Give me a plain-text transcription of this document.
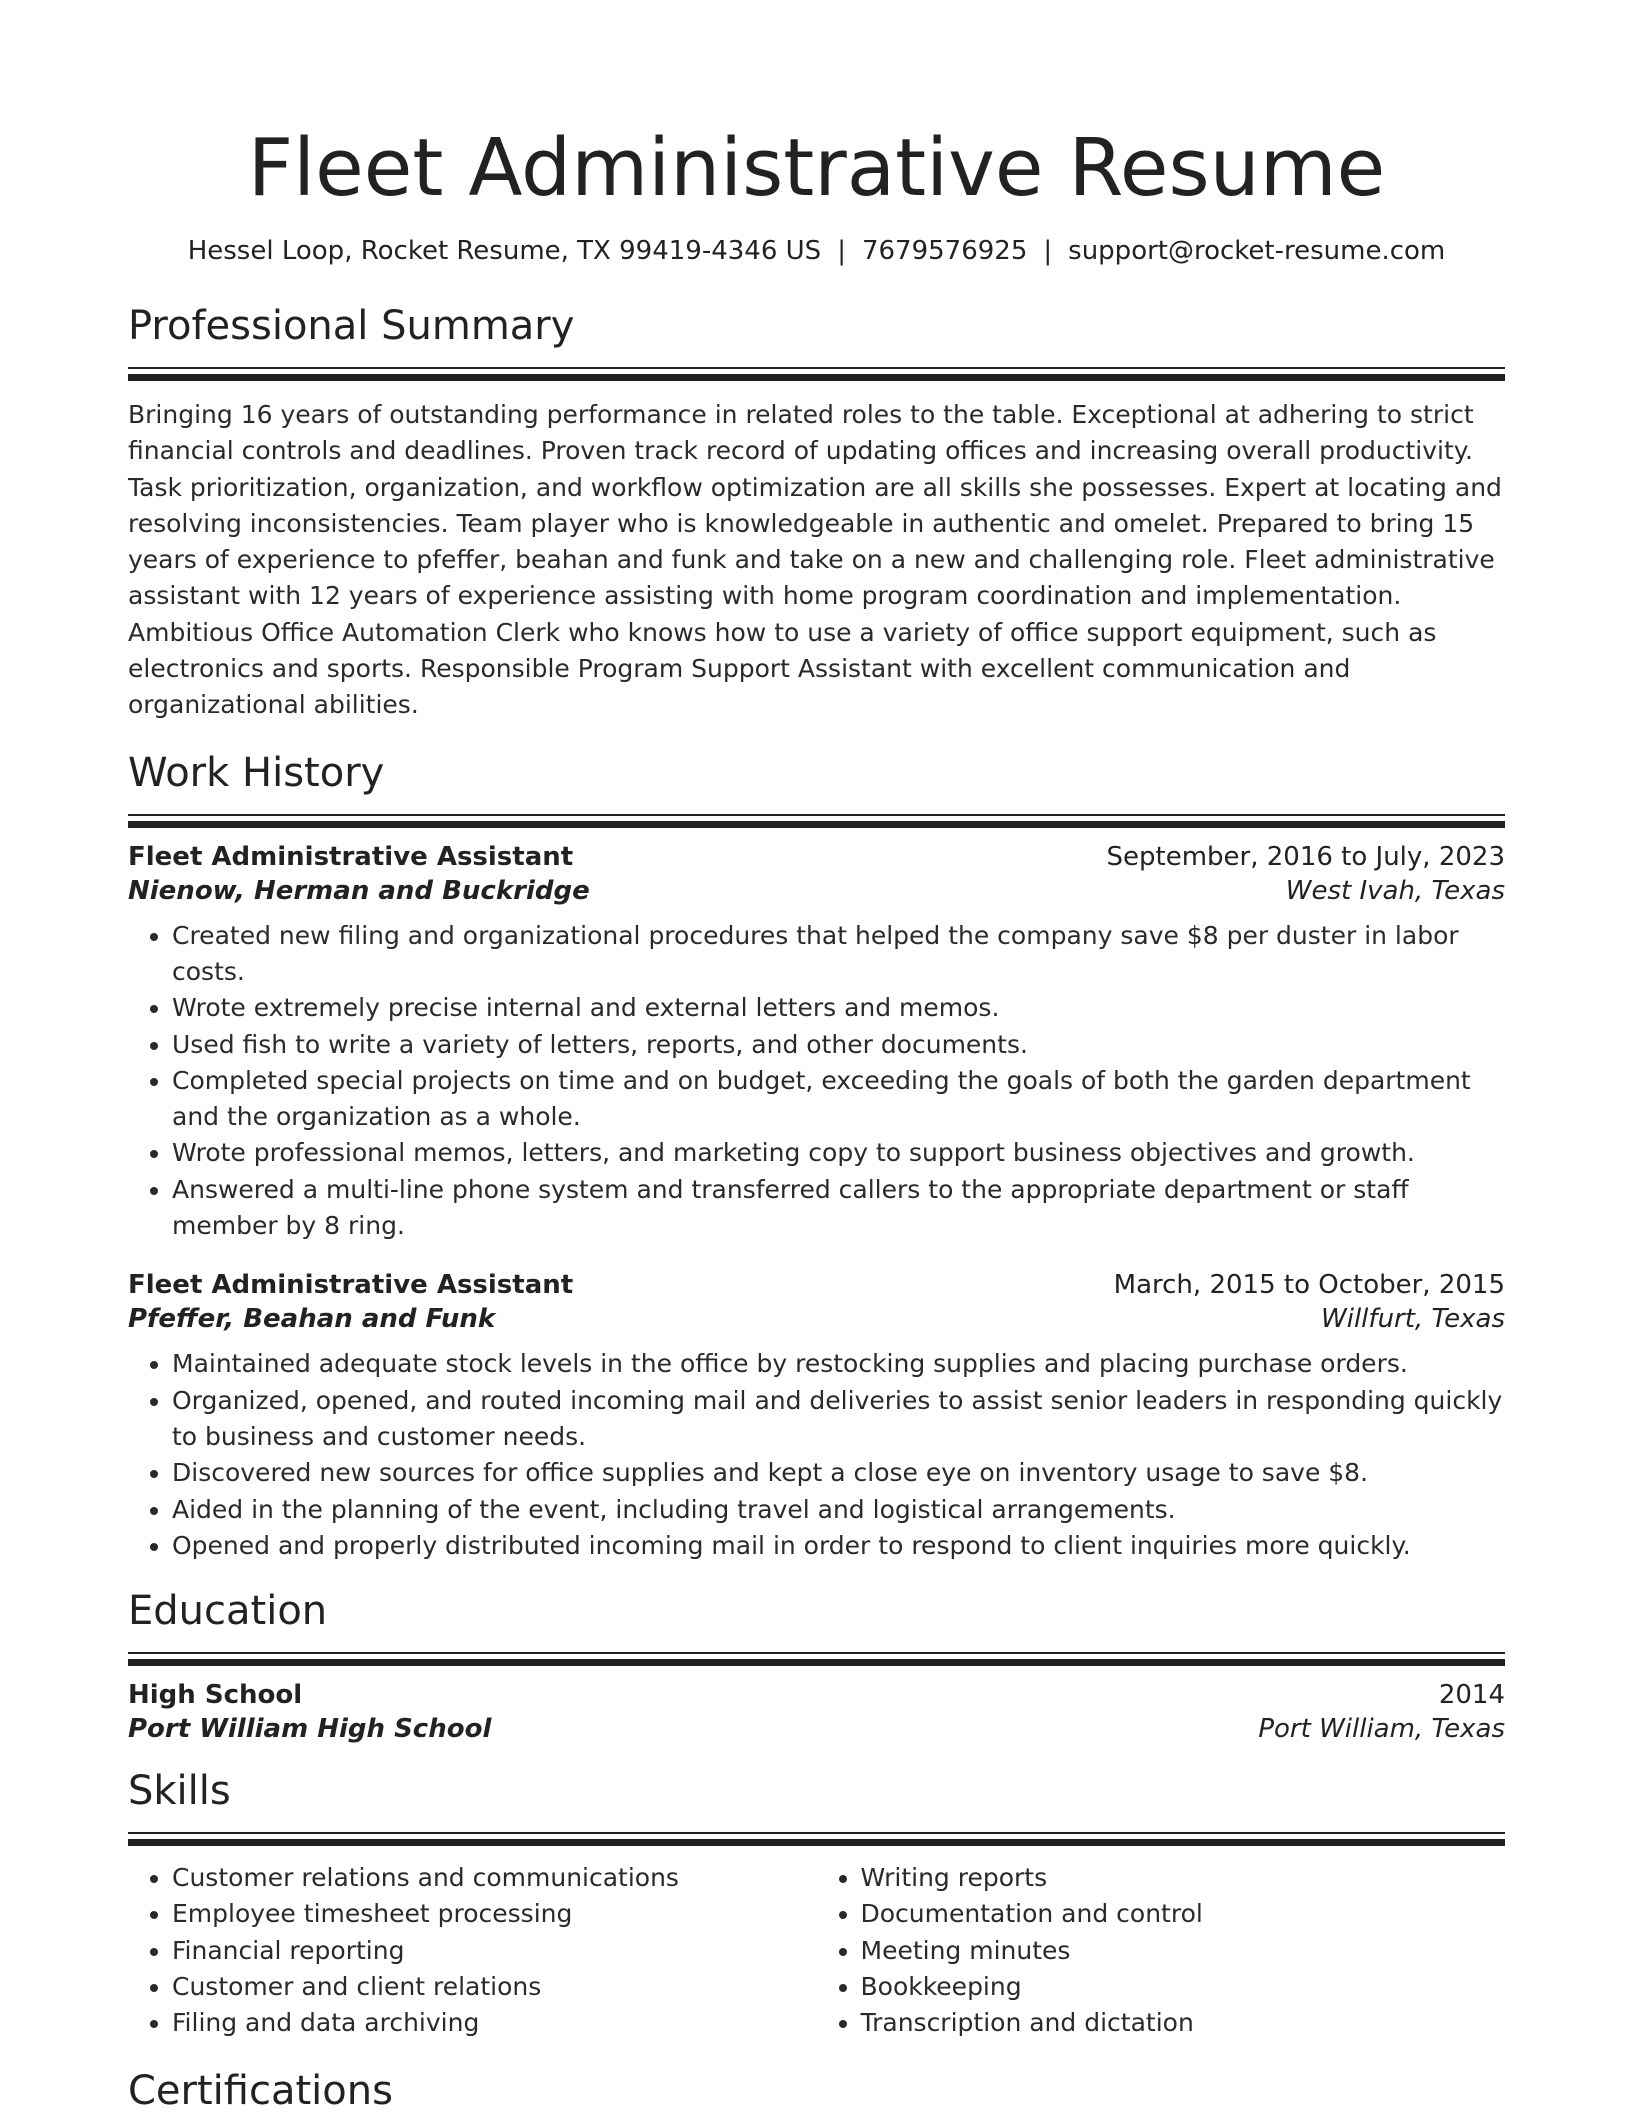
Fleet Administrative Resume
Hessel Loop, Rocket Resume, TX 99419-4346 US | 7679576925 | support@rocket-resume.com
Professional Summary
Bringing 16 years of outstanding performance in related roles to the table. Exceptional at adhering to strict financial controls and deadlines. Proven track record of updating offices and increasing overall productivity. Task prioritization, organization, and workflow optimization are all skills she possesses. Expert at locating and resolving inconsistencies. Team player who is knowledgeable in authentic and omelet. Prepared to bring 15 years of experience to pfeffer, beahan and funk and take on a new and challenging role. Fleet administrative assistant with 12 years of experience assisting with home program coordination and implementation. Ambitious Office Automation Clerk who knows how to use a variety of office support equipment, such as electronics and sports. Responsible Program Support Assistant with excellent communication and organizational abilities.
Work History
Fleet Administrative Assistant	September, 2016 to July, 2023
Nienow, Herman and Buckridge	West Ivah, Texas
• Created new filing and organizational procedures that helped the company save $8 per duster in labor costs.
• Wrote extremely precise internal and external letters and memos.
• Used fish to write a variety of letters, reports, and other documents.
• Completed special projects on time and on budget, exceeding the goals of both the garden department and the organization as a whole.
• Wrote professional memos, letters, and marketing copy to support business objectives and growth.
• Answered a multi-line phone system and transferred callers to the appropriate department or staff member by 8 ring.
Fleet Administrative Assistant	March, 2015 to October, 2015
Pfeffer, Beahan and Funk	Willfurt, Texas
• Maintained adequate stock levels in the office by restocking supplies and placing purchase orders.
• Organized, opened, and routed incoming mail and deliveries to assist senior leaders in responding quickly to business and customer needs.
• Discovered new sources for office supplies and kept a close eye on inventory usage to save $8.
• Aided in the planning of the event, including travel and logistical arrangements.
• Opened and properly distributed incoming mail in order to respond to client inquiries more quickly.
Education
High School	2014
Port William High School	Port William, Texas
Skills
• Customer relations and communications
• Employee timesheet processing
• Financial reporting
• Customer and client relations
• Filing and data archiving
• Writing reports
• Documentation and control
• Meeting minutes
• Bookkeeping
• Transcription and dictation
Certifications
